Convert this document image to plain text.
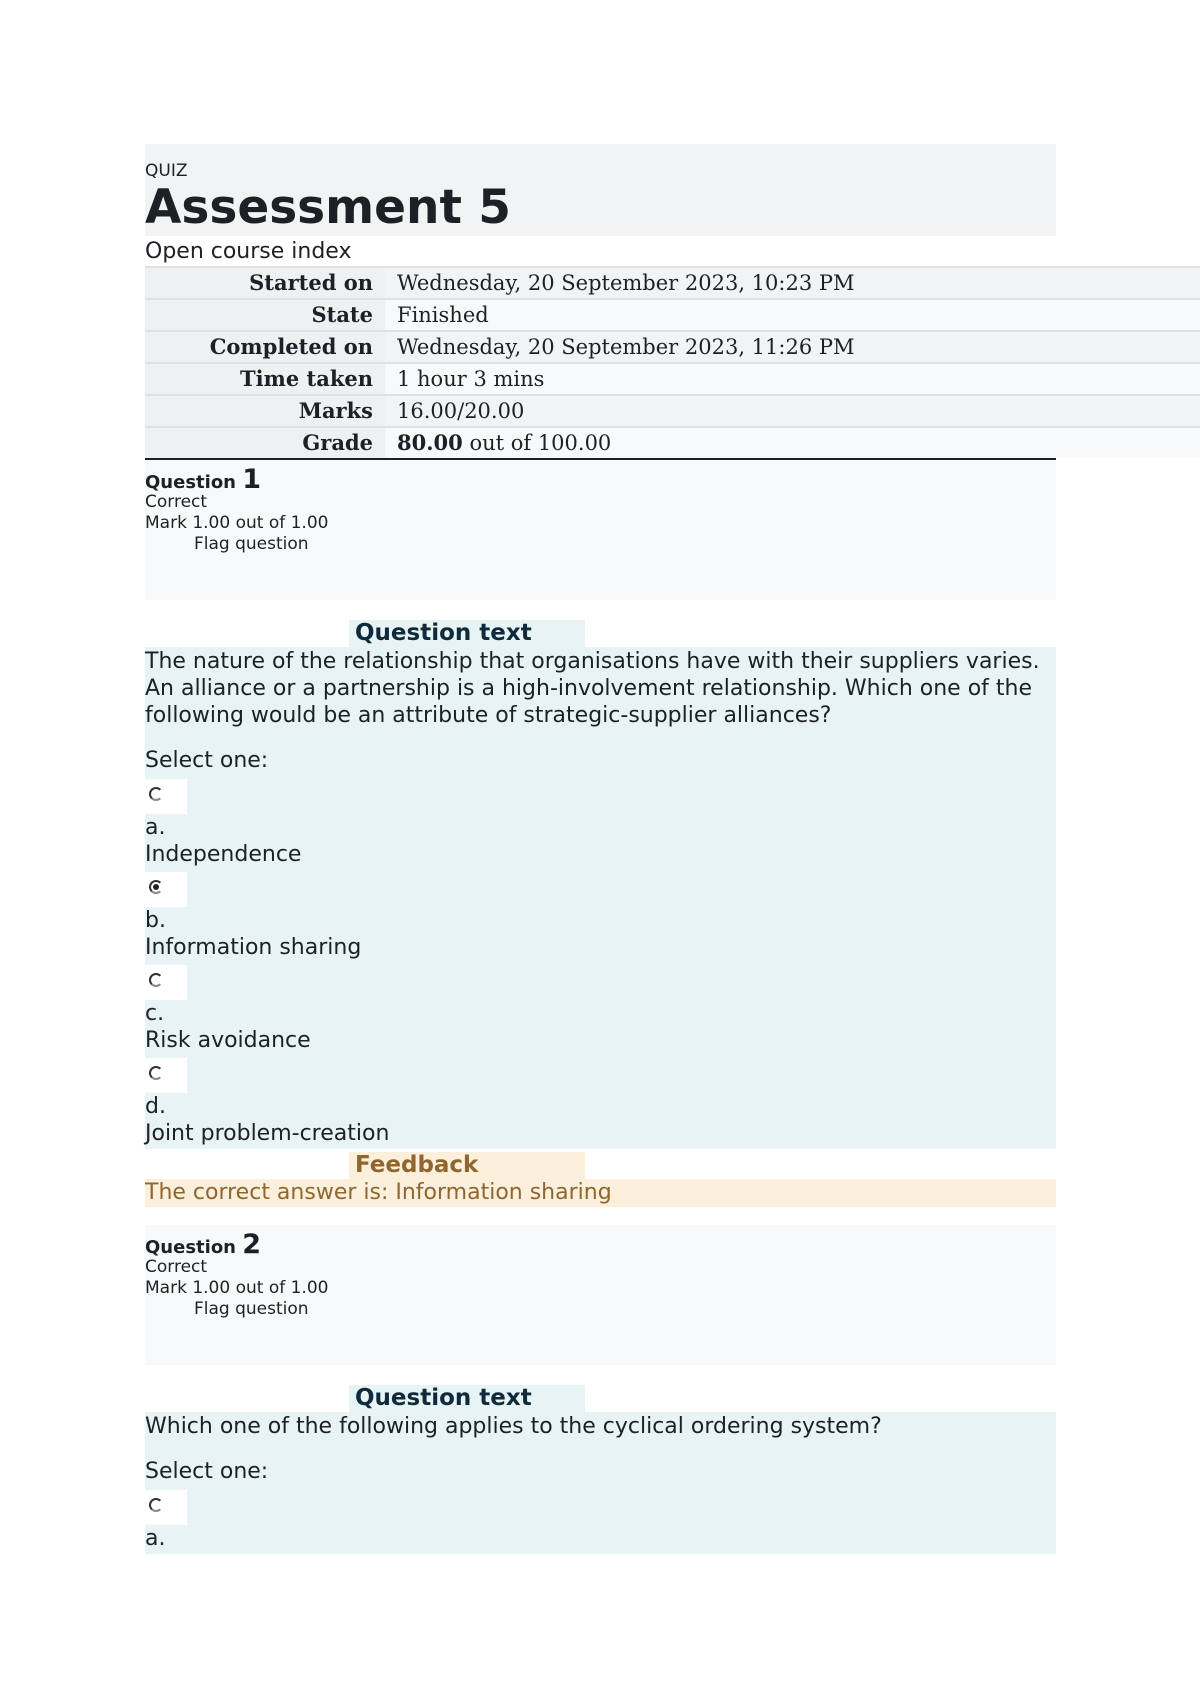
QUIZ
Assessment 5
Open course index
Started on	Wednesday, 20 September 2023, 10:23 PM
State	Finished
Completed on	Wednesday, 20 September 2023, 11:26 PM
Time taken	1 hour 3 mins
Marks	16.00/20.00
Grade	80.00 out of 100.00
Question 1
Correct
Mark 1.00 out of 1.00
Flag question
Question text

The nature of the relationship that organisations have with their suppliers varies. An alliance or a partnership is a high-involvement relationship. Which one of the following would be an attribute of strategic-supplier alliances?

Select one:
a.
Independence
b.
Information sharing
c.
Risk avoidance
d.
Joint problem-creation
Feedback
The correct answer is: Information sharing
Question 2
Correct
Mark 1.00 out of 1.00
Flag question
Question text

Which one of the following applies to the cyclical ordering system?

Select one:
a.
